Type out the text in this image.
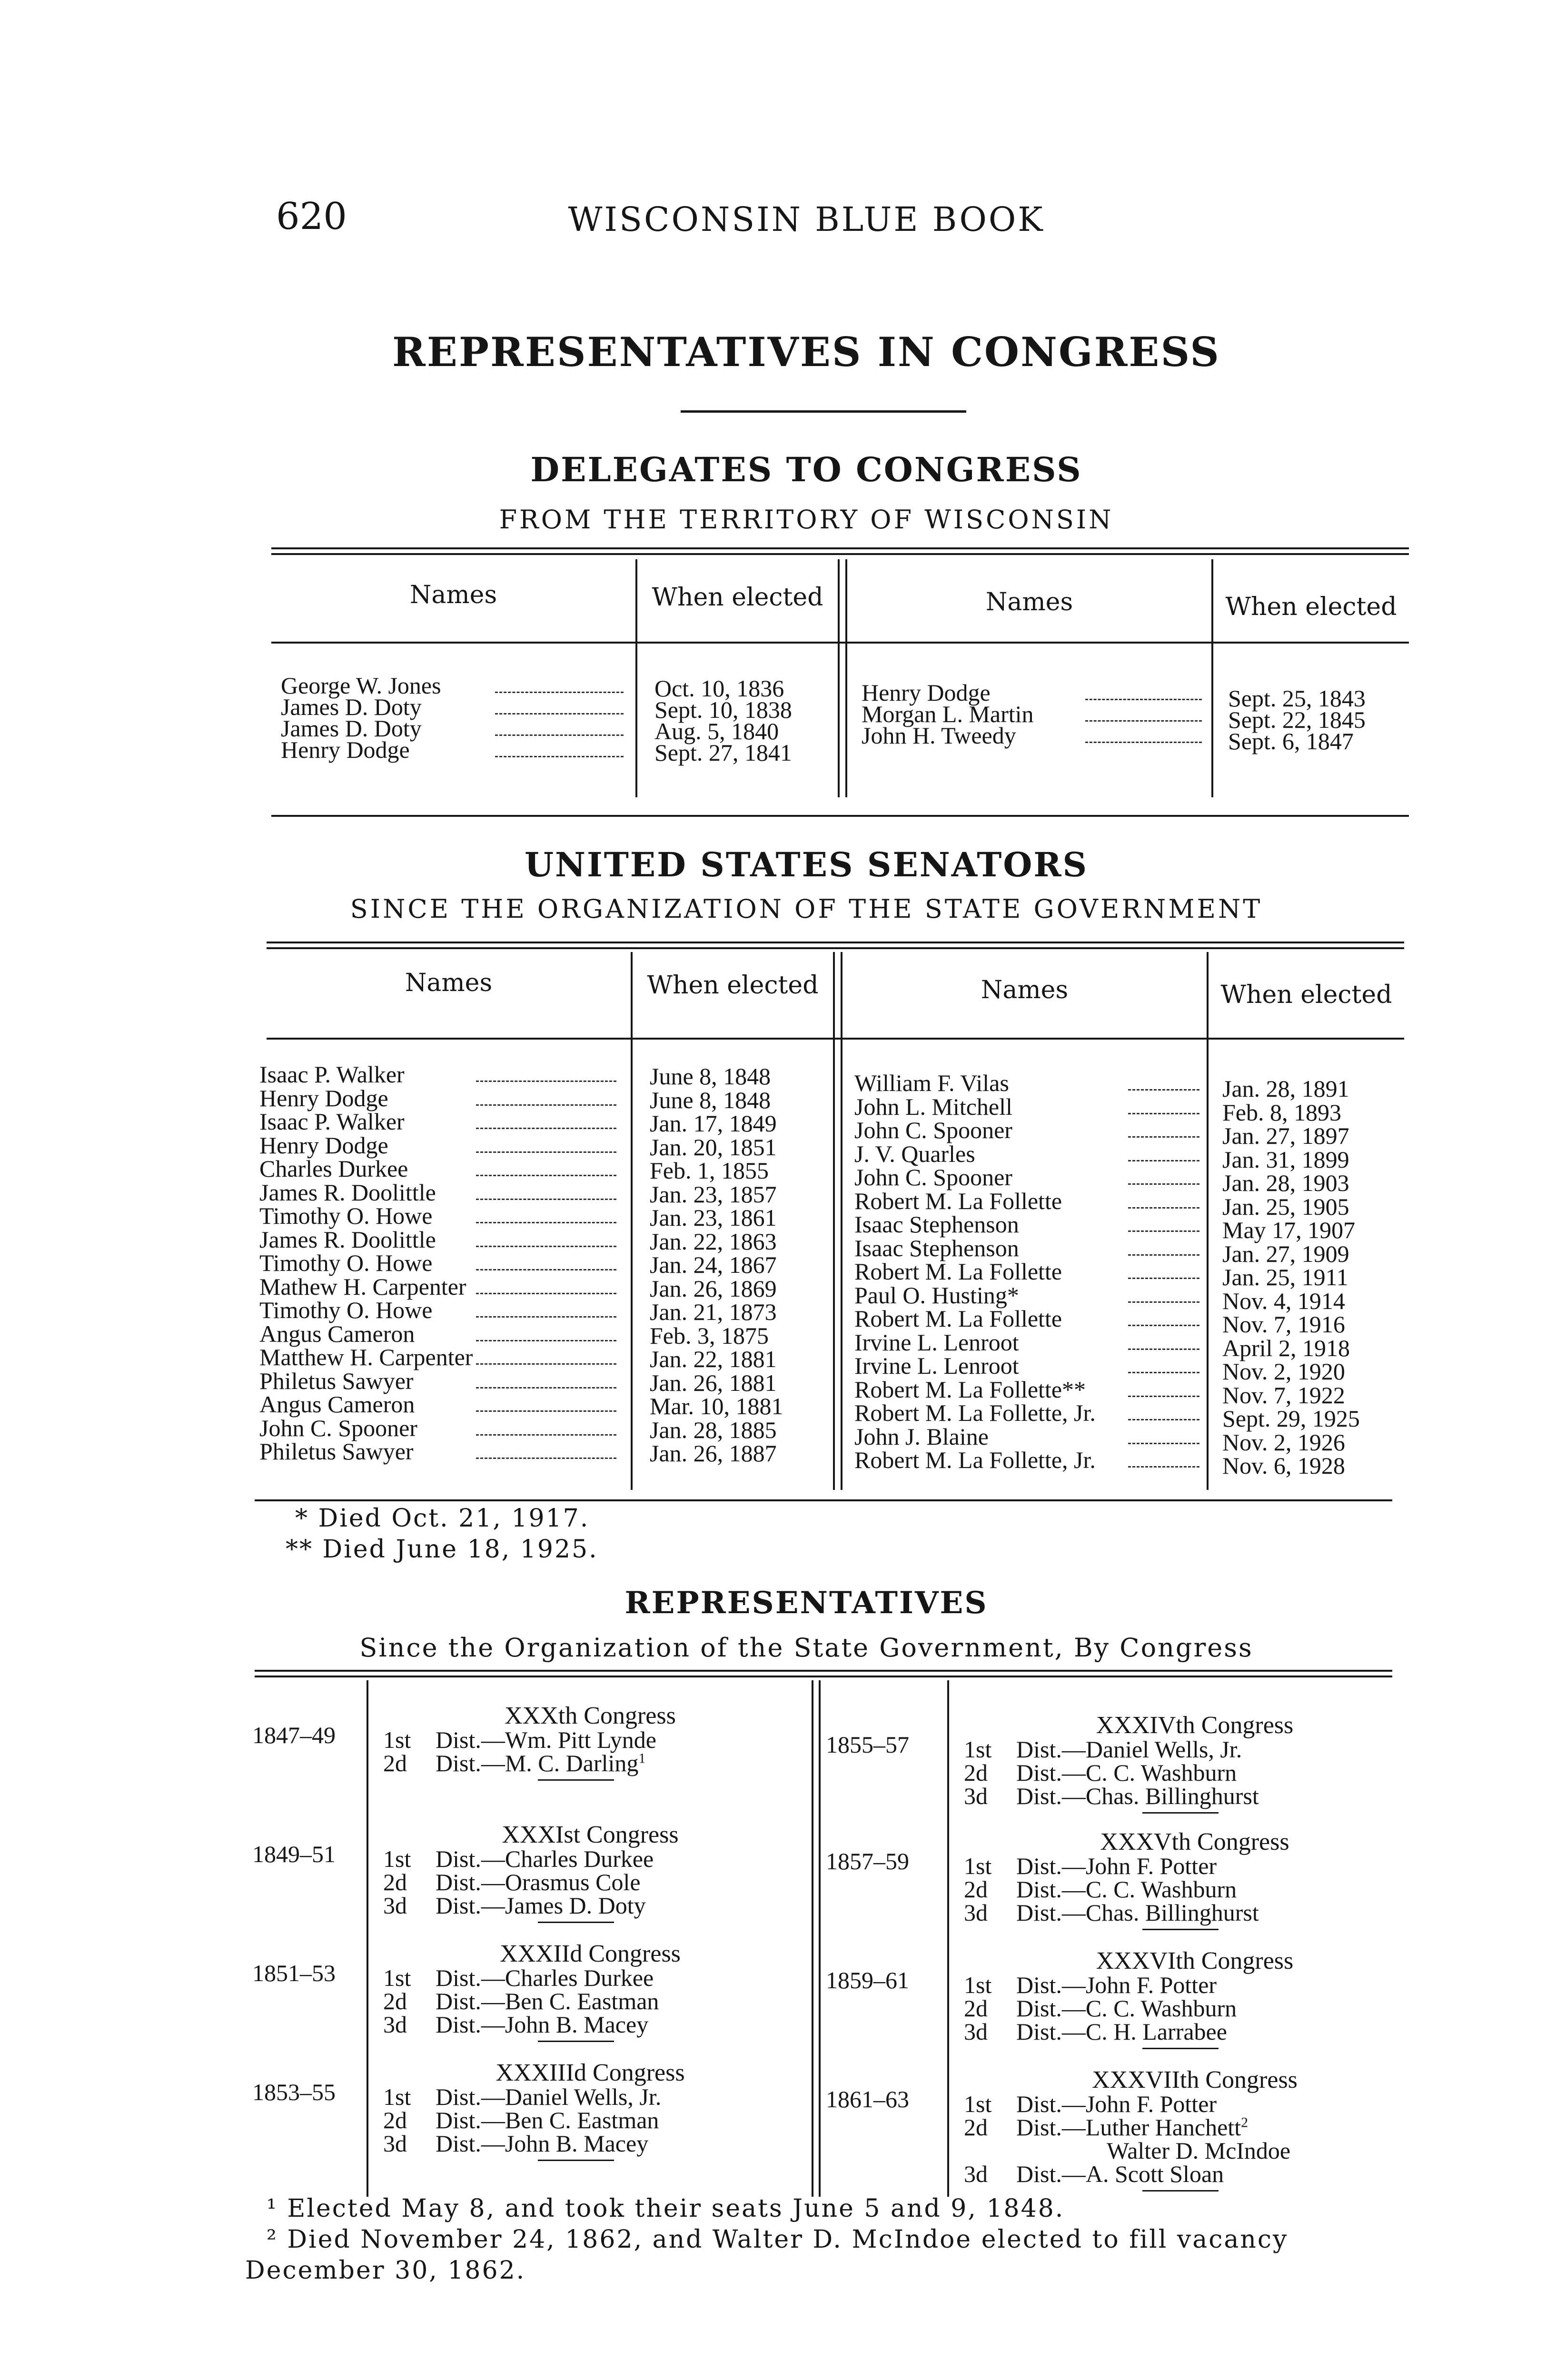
620	WISCONSIN BLUE BOOK
REPRESENTATIVES IN CONGRESS
DELEGATES TO CONGRESS
FROM THE TERRITORY OF WISCONSIN
Names	When elected	Names	When elected
George W. Jones	Oct. 10, 1836
James D. Doty	Sept. 10, 1838
James D. Doty	Aug. 5, 1840
Henry Dodge	Sept. 27, 1841
Henry Dodge	Sept. 25, 1843
Morgan L. Martin	Sept. 22, 1845
John H. Tweedy	Sept. 6, 1847
UNITED STATES SENATORS
SINCE THE ORGANIZATION OF THE STATE GOVERNMENT
Names	When elected	Names	When elected
Isaac P. Walker	June 8, 1848
Henry Dodge	June 8, 1848
Isaac P. Walker	Jan. 17, 1849
Henry Dodge	Jan. 20, 1851
Charles Durkee	Feb. 1, 1855
James R. Doolittle	Jan. 23, 1857
Timothy O. Howe	Jan. 23, 1861
James R. Doolittle	Jan. 22, 1863
Timothy O. Howe	Jan. 24, 1867
Mathew H. Carpenter	Jan. 26, 1869
Timothy O. Howe	Jan. 21, 1873
Angus Cameron	Feb. 3, 1875
Matthew H. Carpenter	Jan. 22, 1881
Philetus Sawyer	Jan. 26, 1881
Angus Cameron	Mar. 10, 1881
John C. Spooner	Jan. 28, 1885
Philetus Sawyer	Jan. 26, 1887
William F. Vilas	Jan. 28, 1891
John L. Mitchell	Feb. 8, 1893
John C. Spooner	Jan. 27, 1897
J. V. Quarles	Jan. 31, 1899
John C. Spooner	Jan. 28, 1903
Robert M. La Follette	Jan. 25, 1905
Isaac Stephenson	May 17, 1907
Isaac Stephenson	Jan. 27, 1909
Robert M. La Follette	Jan. 25, 1911
Paul O. Husting*	Nov. 4, 1914
Robert M. La Follette	Nov. 7, 1916
Irvine L. Lenroot	April 2, 1918
Irvine L. Lenroot	Nov. 2, 1920
Robert M. La Follette**	Nov. 7, 1922
Robert M. La Follette, Jr.	Sept. 29, 1925
John J. Blaine	Nov. 2, 1926
Robert M. La Follette, Jr.	Nov. 6, 1928
* Died Oct. 21, 1917.
** Died June 18, 1925.
REPRESENTATIVES
Since the Organization of the State Government, By Congress
XXXth Congress
1847–49 1st Dist.—Wm. Pitt Lynde
2d Dist.—M. C. Darling$^1$
XXXIst Congress
1849–51 1st Dist.—Charles Durkee
2d Dist.—Orasmus Cole
3d Dist.—James D. Doty
XXXIId Congress
1851–53 1st Dist.—Charles Durkee
2d Dist.—Ben C. Eastman
3d Dist.—John B. Macey
XXXIIId Congress
1853–55 1st Dist.—Daniel Wells, Jr.
2d Dist.—Ben C. Eastman
3d Dist.—John B. Macey
XXXIVth Congress
1855–57 1st Dist.—Daniel Wells, Jr.
2d Dist.—C. C. Washburn
3d Dist.—Chas. Billinghurst
XXXVth Congress
1857–59 1st Dist.—John F. Potter
2d Dist.—C. C. Washburn
3d Dist.—Chas. Billinghurst
XXXVIth Congress
1859–61 1st Dist.—John F. Potter
2d Dist.—C. C. Washburn
3d Dist.—C. H. Larrabee
XXXVIIth Congress
1861–63 1st Dist.—John F. Potter
2d Dist.—Luther Hanchett$^2$
Walter D. McIndoe
3d Dist.—A. Scott Sloan
¹ Elected May 8, and took their seats June 5 and 9, 1848.
² Died November 24, 1862, and Walter D. McIndoe elected to fill vacancy
December 30, 1862.
